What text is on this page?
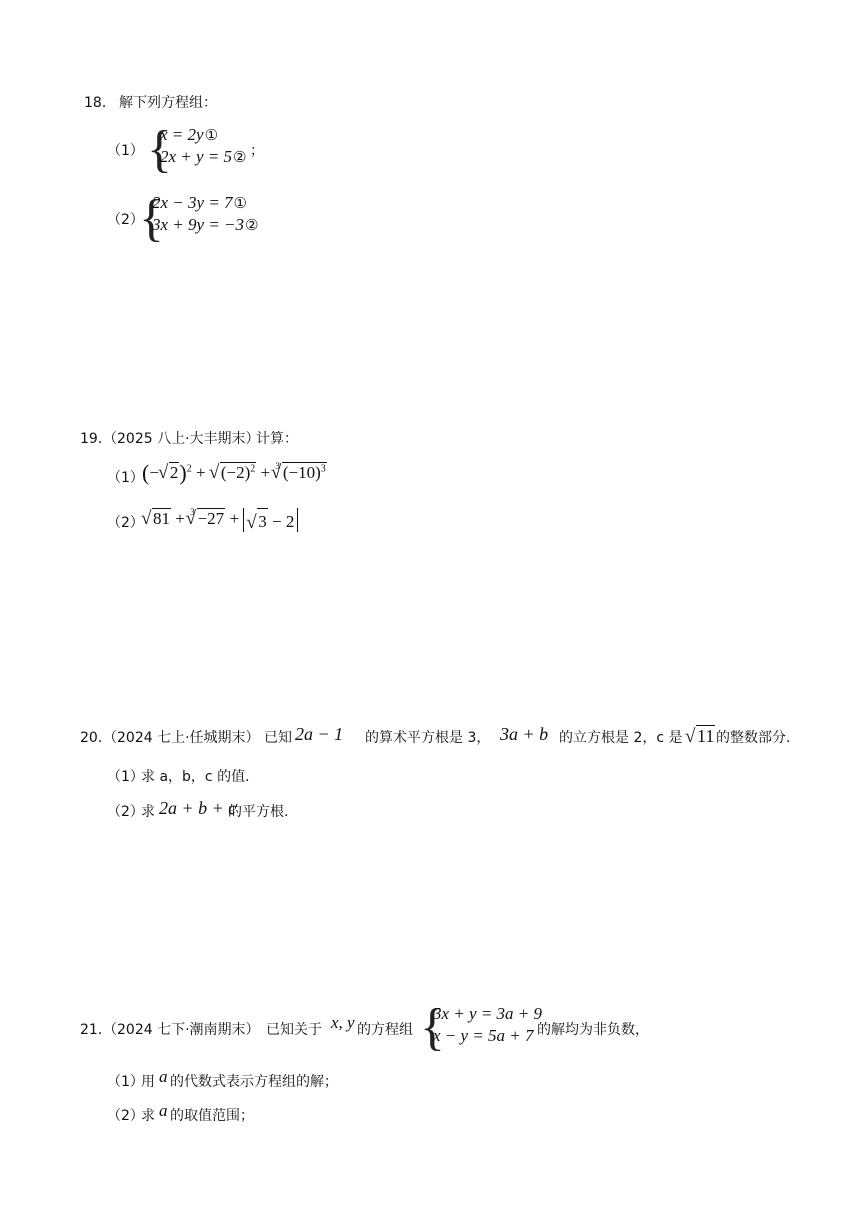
18． 解下列方程组：
（1） {
x = 2y①
2x + y = 5② ；
（2）
{
2x − 3y = 7①
3x + 9y = −3②
19．
（2025 八上·大丰期末）
计算：
（1）
(−√ 2)$^2$ + √ $(-2)^2 + ^3√$ $(-10)^3$
（2）
√ 81 + $^3$√ −27 + √ 3 − 2
20．
（2024 七上·任城期末） 已知 2a − 1 的算术平方根是 3， 3a + b 的立方根是 2，c 是
√ 11 的整数部分.
（1）
求 a，b，c 的值.
（2）
求 2a + b + c
的平方根.
21．
（2024 七下·潮南期末） 已知关于 x, y 的方程组 {
3x + y = 3a + 9
x − y = 5a + 7 的解均为非负数，
（1）
用 a 的代数式表示方程组的解；
（2）
求 a 的取值范围；
